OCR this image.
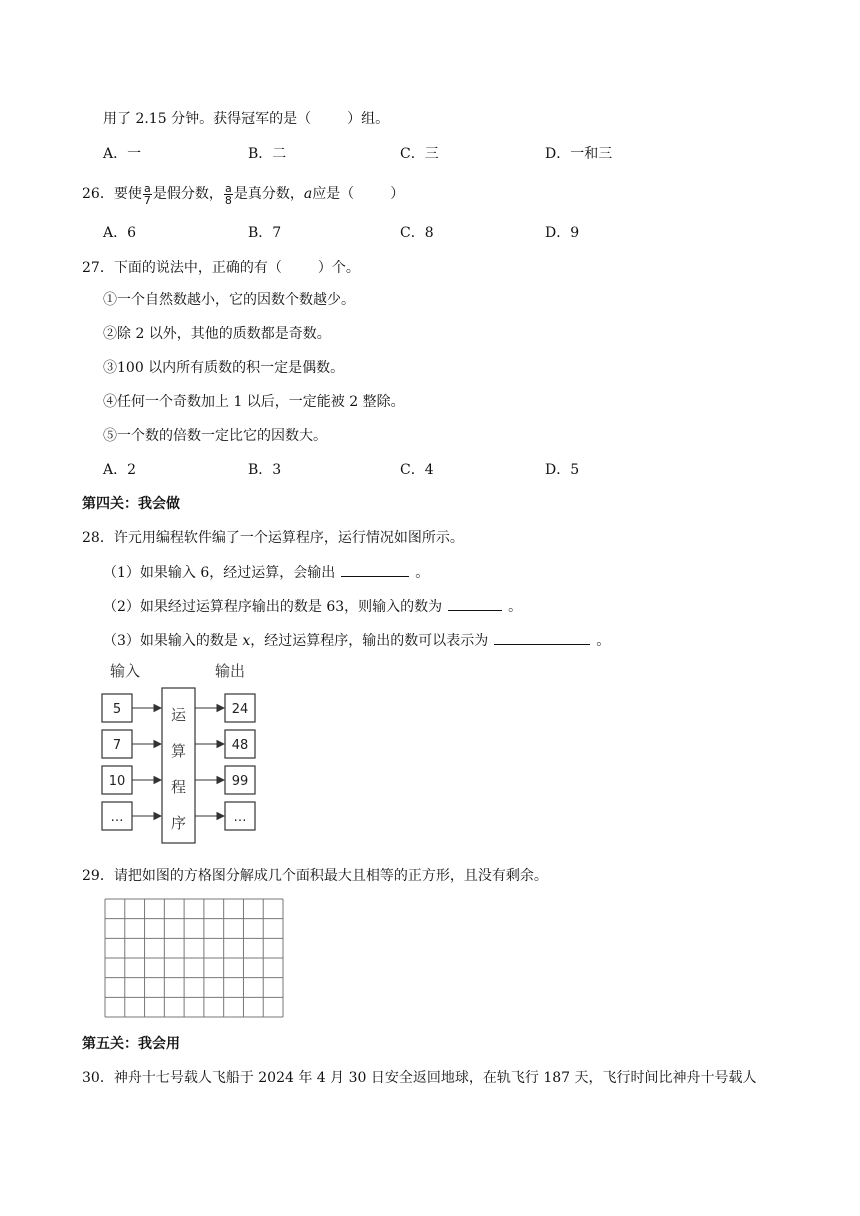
用了 2.15 分钟。获得冠军的是（	）组。
A．一	B．二	C．三	D．一和三
26．要使 $\frac{a}{7}$ 是假分数， $\frac{a}{8}$ 是真分数，a应是（	）
A．6	B．7	C．8	D．9
27．下面的说法中，正确的有（	）个。
①一个自然数越小，它的因数个数越少。
②除 2 以外，其他的质数都是奇数。
③100 以内所有质数的积一定是偶数。
④任何一个奇数加上 1 以后，一定能被 2 整除。
⑤一个数的倍数一定比它的因数大。
A．2	B．3	C．4	D．5
第四关：我会做
28．许元用编程软件编了一个运算程序，运行情况如图所示。
（1）如果输入 6，经过运算，会输出	。
（2）如果经过运算程序输出的数是 63，则输入的数为	。
（3）如果输入的数是 x，经过运算程序，输出的数可以表示为	。
输入	输出
5
7
10
…
24
48
99
…
运
算
程
序
29．请把如图的方格图分解成几个面积最大且相等的正方形，且没有剩余。
第五关：我会用
30．神舟十七号载人飞船于 2024 年 4 月 30 日安全返回地球，在轨飞行 187 天，飞行时间比神舟十号载人
